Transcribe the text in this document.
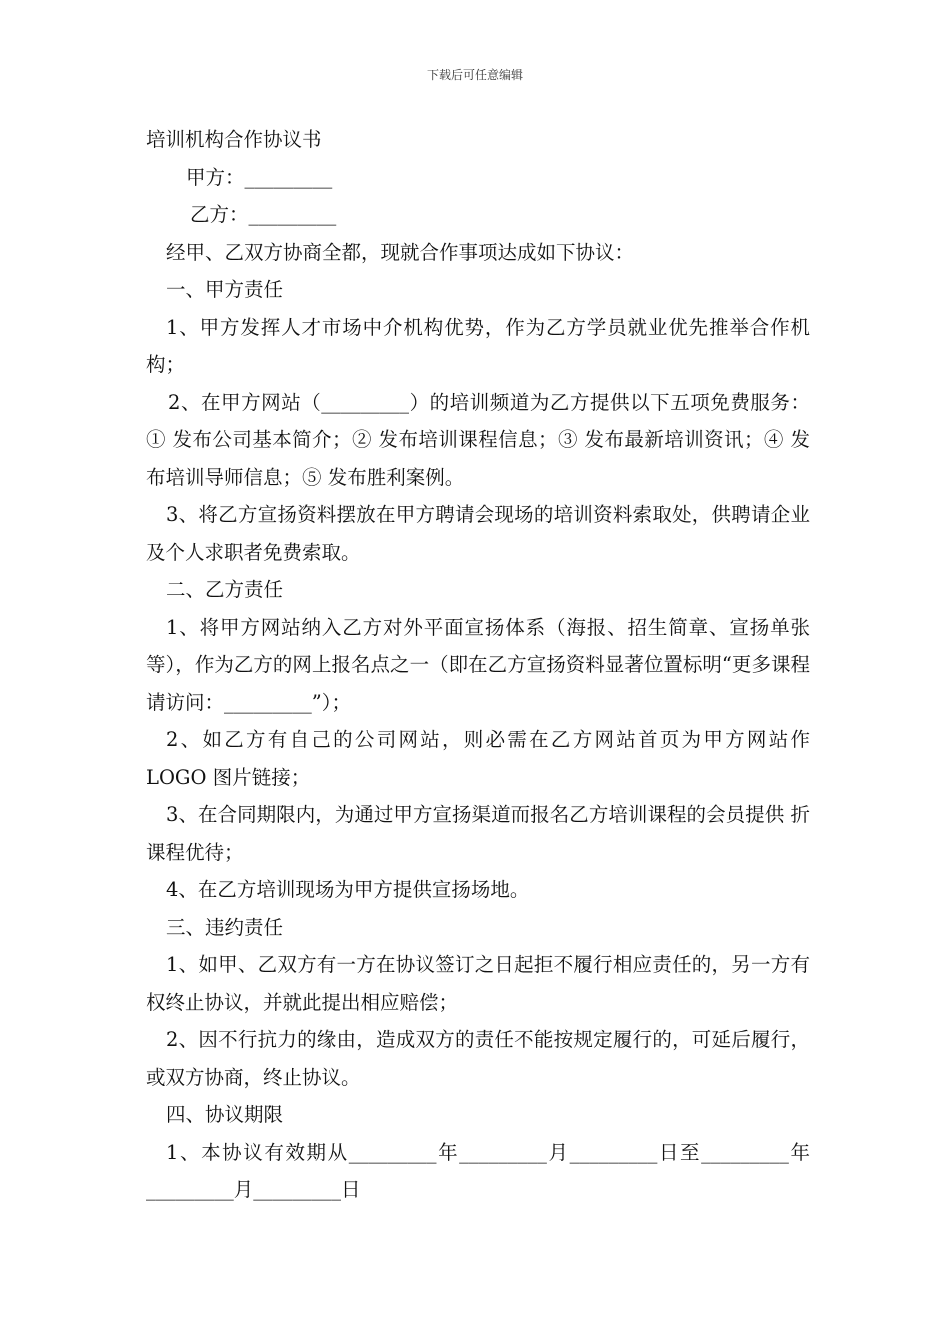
下载后可任意编辑

培训机构合作协议书

甲方：_________

乙方：_________

经甲、乙双方协商全都，现就合作事项达成如下协议：

一、甲方责任

1、甲方发挥人才市场中介机构优势，作为乙方学员就业优先推举合作机构；

2、在甲方网站（_________）的培训频道为乙方提供以下五项免费服务：① 发布公司基本简介；② 发布培训课程信息；③ 发布最新培训资讯；④ 发布培训导师信息；⑤ 发布胜利案例。

3、将乙方宣扬资料摆放在甲方聘请会现场的培训资料索取处，供聘请企业及个人求职者免费索取。

二、乙方责任

1、将甲方网站纳入乙方对外平面宣扬体系（海报、招生简章、宣扬单张等），作为乙方的网上报名点之一（即在乙方宣扬资料显著位置标明“更多课程请访问：_________”）；

2、如乙方有自己的公司网站，则必需在乙方网站首页为甲方网站作 LOGO 图片链接；

3、在合同期限内，为通过甲方宣扬渠道而报名乙方培训课程的会员提供 折课程优待；

4、在乙方培训现场为甲方提供宣扬场地。

三、违约责任

1、如甲、乙双方有一方在协议签订之日起拒不履行相应责任的，另一方有权终止协议，并就此提出相应赔偿；

2、因不行抗力的缘由，造成双方的责任不能按规定履行的，可延后履行，或双方协商，终止协议。

四、协议期限

1、本协议有效期从_________年_________月_________日至_________年_________月_________日
